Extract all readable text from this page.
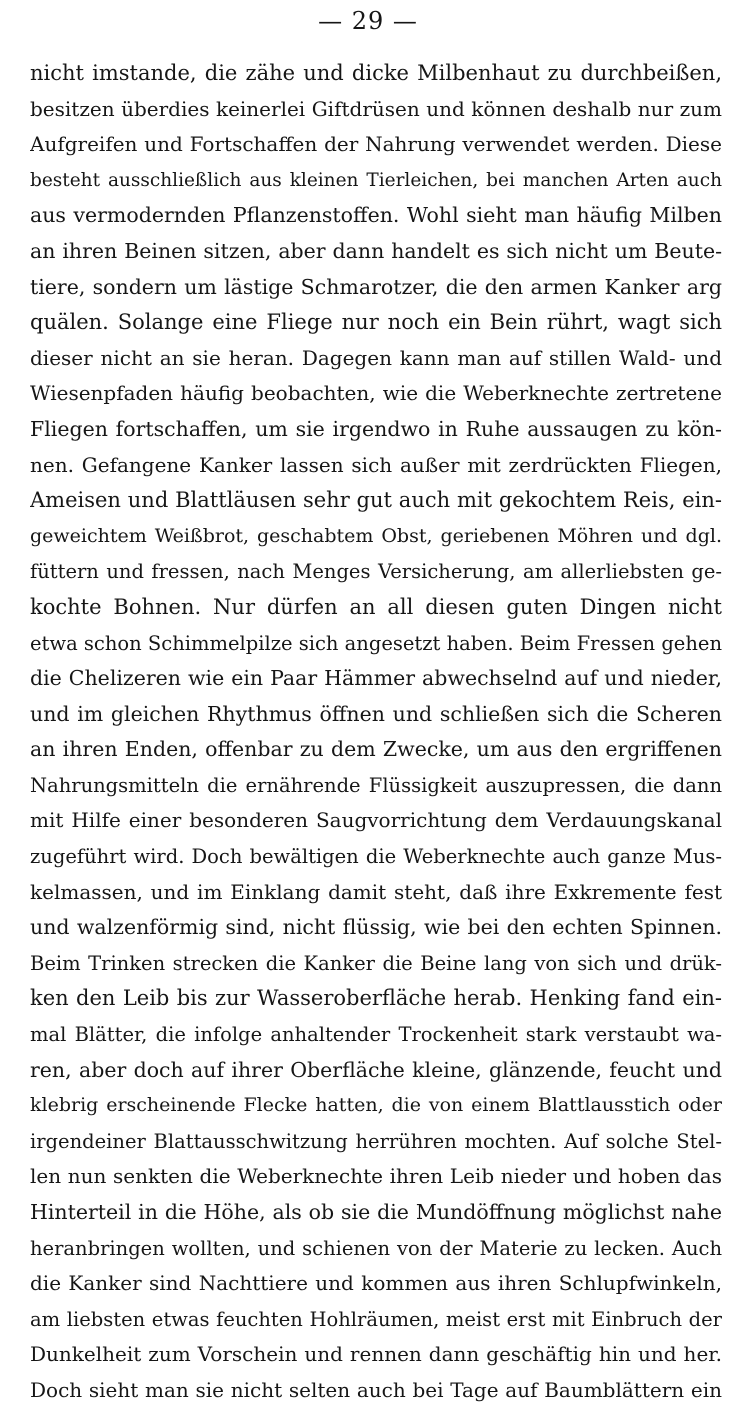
— 29 —
nicht imstande, die zähe und dicke Milbenhaut zu durchbeißen,
besitzen überdies keinerlei Giftdrüsen und können deshalb nur zum
Aufgreifen und Fortschaffen der Nahrung verwendet werden. Diese
besteht ausschließlich aus kleinen Tierleichen, bei manchen Arten auch
aus vermodernden Pflanzenstoffen. Wohl sieht man häufig Milben
an ihren Beinen sitzen, aber dann handelt es sich nicht um Beute-
tiere, sondern um lästige Schmarotzer, die den armen Kanker arg
quälen. Solange eine Fliege nur noch ein Bein rührt, wagt sich
dieser nicht an sie heran. Dagegen kann man auf stillen Wald- und
Wiesenpfaden häufig beobachten, wie die Weberknechte zertretene
Fliegen fortschaffen, um sie irgendwo in Ruhe aussaugen zu kön-
nen. Gefangene Kanker lassen sich außer mit zerdrückten Fliegen,
Ameisen und Blattläusen sehr gut auch mit gekochtem Reis, ein-
geweichtem Weißbrot, geschabtem Obst, geriebenen Möhren und dgl.
füttern und fressen, nach Menges Versicherung, am allerliebsten ge-
kochte Bohnen. Nur dürfen an all diesen guten Dingen nicht
etwa schon Schimmelpilze sich angesetzt haben. Beim Fressen gehen
die Chelizeren wie ein Paar Hämmer abwechselnd auf und nieder,
und im gleichen Rhythmus öffnen und schließen sich die Scheren
an ihren Enden, offenbar zu dem Zwecke, um aus den ergriffenen
Nahrungsmitteln die ernährende Flüssigkeit auszupressen, die dann
mit Hilfe einer besonderen Saugvorrichtung dem Verdauungskanal
zugeführt wird. Doch bewältigen die Weberknechte auch ganze Mus-
kelmassen, und im Einklang damit steht, daß ihre Exkremente fest
und walzenförmig sind, nicht flüssig, wie bei den echten Spinnen.
Beim Trinken strecken die Kanker die Beine lang von sich und drük-
ken den Leib bis zur Wasseroberfläche herab. Henking fand ein-
mal Blätter, die infolge anhaltender Trockenheit stark verstaubt wa-
ren, aber doch auf ihrer Oberfläche kleine, glänzende, feucht und
klebrig erscheinende Flecke hatten, die von einem Blattlausstich oder
irgendeiner Blattausschwitzung herrühren mochten. Auf solche Stel-
len nun senkten die Weberknechte ihren Leib nieder und hoben das
Hinterteil in die Höhe, als ob sie die Mundöffnung möglichst nahe
heranbringen wollten, und schienen von der Materie zu lecken. Auch
die Kanker sind Nachttiere und kommen aus ihren Schlupfwinkeln,
am liebsten etwas feuchten Hohlräumen, meist erst mit Einbruch der
Dunkelheit zum Vorschein und rennen dann geschäftig hin und her.
Doch sieht man sie nicht selten auch bei Tage auf Baumblättern ein
